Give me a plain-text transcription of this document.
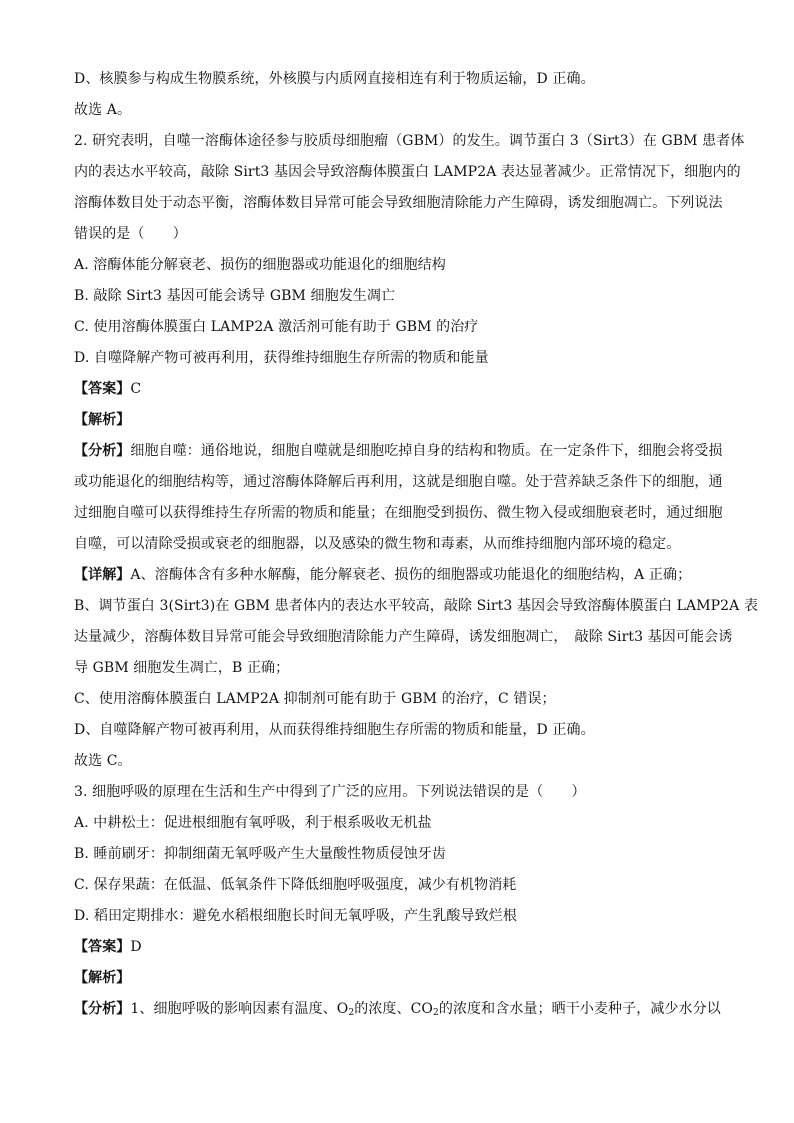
D、核膜参与构成生物膜系统，外核膜与内质网直接相连有利于物质运输，D 正确。
故选 A。
2. 研究表明，自噬一溶酶体途径参与胶质母细胞瘤（GBM）的发生。调节蛋白 3（Sirt3）在 GBM 患者体
内的表达水平较高，敲除 Sirt3 基因会导致溶酶体膜蛋白 LAMP2A 表达显著减少。正常情况下，细胞内的
溶酶体数目处于动态平衡，溶酶体数目异常可能会导致细胞清除能力产生障碍，诱发细胞凋亡。下列说法
错误的是（　　）
A. 溶酶体能分解衰老、损伤的细胞器或功能退化的细胞结构
B. 敲除 Sirt3 基因可能会诱导 GBM 细胞发生凋亡
C. 使用溶酶体膜蛋白 LAMP2A 激活剂可能有助于 GBM 的治疗
D. 自噬降解产物可被再利用，获得维持细胞生存所需的物质和能量
【答案】C
【解析】
【分析】细胞自噬：通俗地说，细胞自噬就是细胞吃掉自身的结构和物质。在一定条件下，细胞会将受损
或功能退化的细胞结构等，通过溶酶体降解后再利用，这就是细胞自噬。处于营养缺乏条件下的细胞，通
过细胞自噬可以获得维持生存所需的物质和能量；在细胞受到损伤、微生物入侵或细胞衰老时，通过细胞
自噬，可以清除受损或衰老的细胞器，以及感染的微生物和毒素，从而维持细胞内部环境的稳定。
【详解】A、溶酶体含有多种水解酶，能分解衰老、损伤的细胞器或功能退化的细胞结构，A 正确；
B、调节蛋白 3(Sirt3)在 GBM 患者体内的表达水平较高，敲除 Sirt3 基因会导致溶酶体膜蛋白 LAMP2A 表
达量减少，溶酶体数目异常可能会导致细胞清除能力产生障碍，诱发细胞凋亡，　敲除 Sirt3 基因可能会诱
导 GBM 细胞发生凋亡，B 正确；
C、使用溶酶体膜蛋白 LAMP2A 抑制剂可能有助于 GBM 的治疗，C 错误；
D、自噬降解产物可被再利用，从而获得维持细胞生存所需的物质和能量，D 正确。
故选 C。
3. 细胞呼吸的原理在生活和生产中得到了广泛的应用。下列说法错误的是（　　）
A. 中耕松土：促进根细胞有氧呼吸，利于根系吸收无机盐
B. 睡前刷牙：抑制细菌无氧呼吸产生大量酸性物质侵蚀牙齿
C. 保存果蔬：在低温、低氧条件下降低细胞呼吸强度，减少有机物消耗
D. 稻田定期排水：避免水稻根细胞长时间无氧呼吸，产生乳酸导致烂根
【答案】D
【解析】
【分析】1、细胞呼吸的影响因素有温度、$O_2$的浓度、$CO_2$的浓度和含水量；晒干小麦种子，减少水分以
